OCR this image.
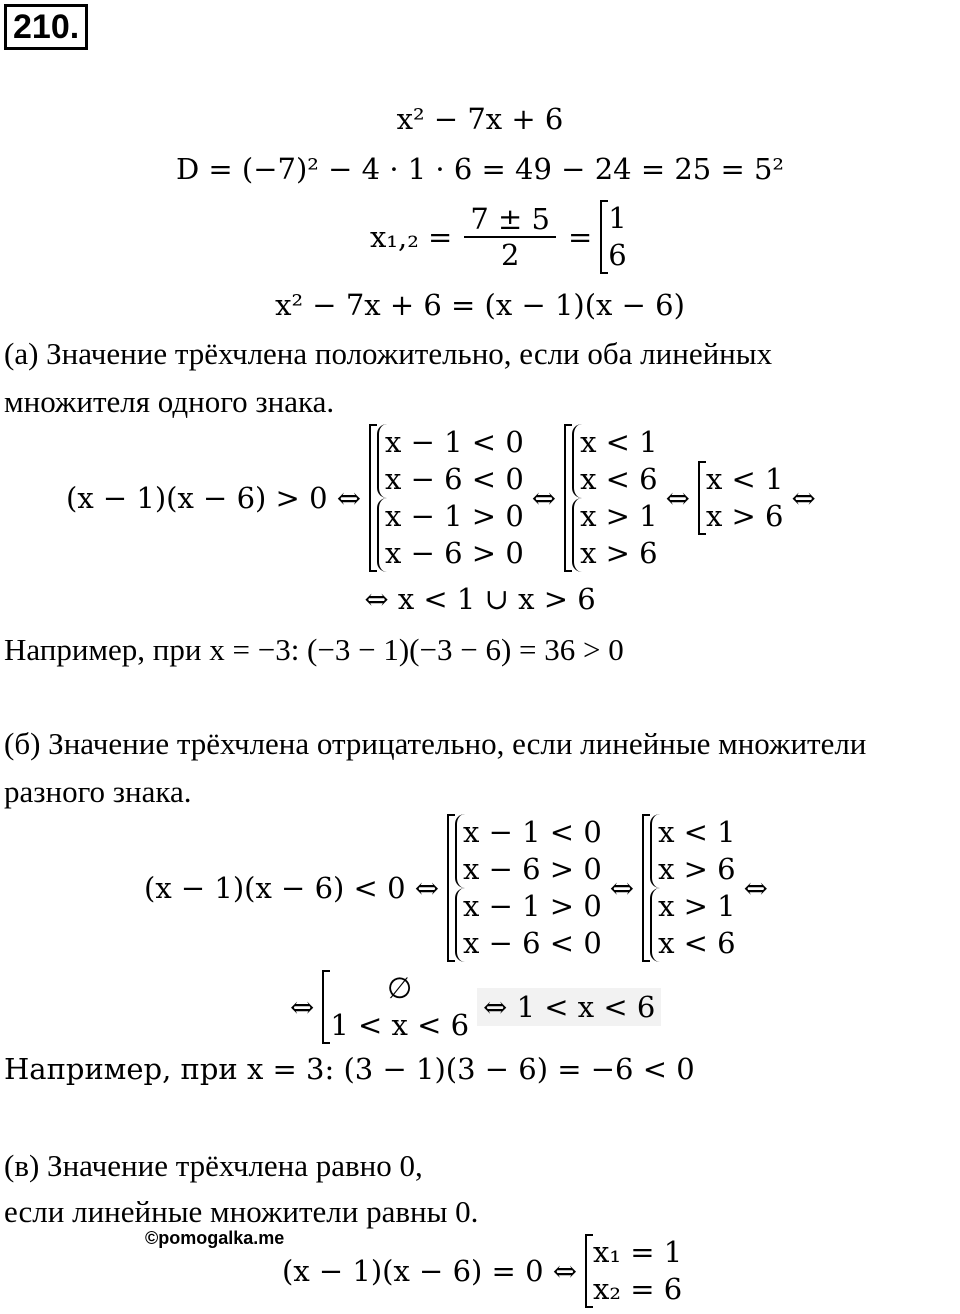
210.
x² − 7x + 6
D = (−7)² − 4 · 1 · 6 = 49 − 24 = 25 = 5²
$x_1,_2 = \frac{7 \pm 5}{2}$ =
1
6
x² − 7x + 6 = (x − 1)(x − 6)
(а) Значение трёхчлена положительно, если оба линейных
множителя одного знака.
(x − 1)(x − 6) > 0 ⇔
x − 1 < 0
x − 6 < 0

x − 1 > 0
x − 6 > 0
⇔
x < 1
x < 6

x > 1
x > 6
⇔
x < 1
x > 6
⇔
⇔ x < 1 ∪ x > 6
Например, при x = −3: (−3 − 1)(−3 − 6) = 36 > 0
(б) Значение трёхчлена отрицательно, если линейные множители
разного знака.
(x − 1)(x − 6) < 0 ⇔
x − 1 < 0
x − 6 > 0

x − 1 > 0
x − 6 < 0
⇔
x < 1
x > 6

x > 1
x < 6
⇔
⇔
∅
1 < x < 6
⇔ 1 < x < 6
Например, при x = 3: (3 − 1)(3 − 6) = −6 < 0
(в) Значение трёхчлена равно 0,
если линейные множители равны 0.
©pomogalka.me
(x − 1)(x − 6) = 0 ⇔
x₁ = 1
x₂ = 6
